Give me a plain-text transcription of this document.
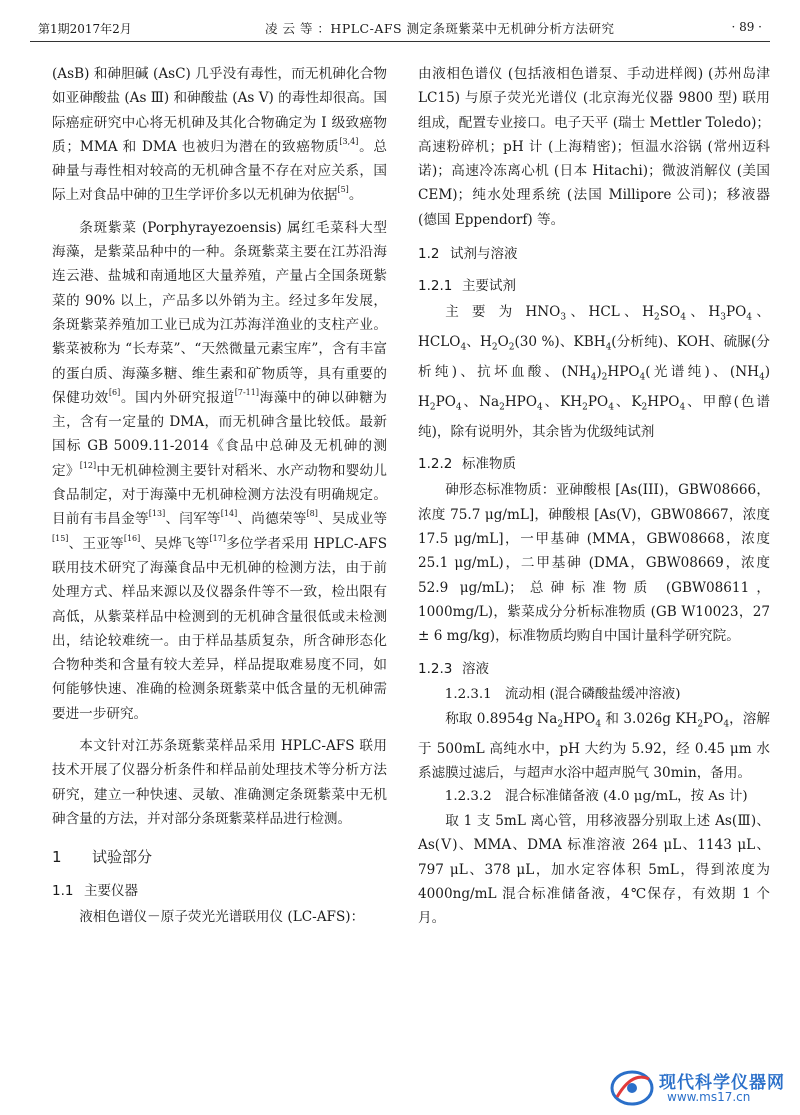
第1期2017年2月	凌 云 等 ：HPLC-AFS 测定条斑紫菜中无机砷分析方法研究	· 89 ·

(AsB) 和砷胆碱 (AsC) 几乎没有毒性，而无机砷化合物如亚砷酸盐 (As Ⅲ) 和砷酸盐 (As Ⅴ) 的毒性却很高。国际癌症研究中心将无机砷及其化合物确定为 Ⅰ 级致癌物质；MMA 和 DMA 也被归为潜在的致癌物质[3,4]。总砷量与毒性相对较高的无机砷含量不存在对应关系，国际上对食品中砷的卫生学评价多以无机砷为依据[5]。

条斑紫菜 (Porphyrayezoensis) 属红毛菜科大型海藻，是紫菜品种中的一种。条斑紫菜主要在江苏沿海连云港、盐城和南通地区大量养殖，产量占全国条斑紫菜的 90% 以上，产品多以外销为主。经过多年发展，条斑紫菜养殖加工业已成为江苏海洋渔业的支柱产业。紫菜被称为 “长寿菜”、“天然微量元素宝库”，含有丰富的蛋白质、海藻多糖、维生素和矿物质等，具有重要的保健功效[6]。国内外研究报道[7-11]海藻中的砷以砷糖为主，含有一定量的 DMA，而无机砷含量比较低。最新国标 GB 5009.11-2014《食品中总砷及无机砷的测定》[12]中无机砷检测主要针对稻米、水产动物和婴幼儿食品制定，对于海藻中无机砷检测方法没有明确规定。目前有韦昌金等[13]、闫军等[14]、尚德荣等[8]、吴成业等[15]、王亚等[16]、吴烨飞等[17]多位学者采用 HPLC-AFS 联用技术研究了海藻食品中无机砷的检测方法，由于前处理方式、样品来源以及仪器条件等不一致，检出限有高低，从紫菜样品中检测到的无机砷含量很低或未检测出，结论较难统一。由于样品基质复杂，所含砷形态化合物种类和含量有较大差异，样品提取难易度不同，如何能够快速、准确的检测条斑紫菜中低含量的无机砷需要进一步研究。

本文针对江苏条斑紫菜样品采用 HPLC-AFS 联用技术开展了仪器分析条件和样品前处理技术等分析方法研究，建立一种快速、灵敏、准确测定条斑紫菜中无机砷含量的方法，并对部分条斑紫菜样品进行检测。

1 试验部分
1.1 主要仪器

液相色谱仪－原子荧光光谱联用仪 (LC-AFS)：

由液相色谱仪 (包括液相色谱泵、手动进样阀) (苏州岛津 LC15) 与原子荧光光谱仪 (北京海光仪器 9800 型) 联用组成，配置专业接口。电子天平 (瑞士 Mettler Toledo)；高速粉碎机；pH 计 (上海精密)；恒温水浴锅 (常州迈科诺)；高速冷冻离心机 (日本 Hitachi)；微波消解仪 (美国 CEM)；纯水处理系统 (法国 Millipore 公司)；移液器 (德国 Eppendorf) 等。

1.2 试剂与溶液
1.2.1 主要试剂

主 要 为 $HNO_3$、HCL、$H_2SO_4$、$H_3PO_4$、$HCLO_4$、$H_2O_2(30$ %)、$KBH_4$(分析纯)、KOH、硫脲(分析纯)、抗坏血酸、$(NH_4)_2HPO_4$(光谱纯)、$(NH_4)$ $H_2PO_4$、$Na_2HPO_4$、$KH_2PO_4$、$K_2HPO_4$、甲醇(色谱纯)，除有说明外，其余皆为优级纯试剂

1.2.2 标准物质

砷形态标准物质：亚砷酸根 [As(III)，GBW08666，浓度 75.7 μg/mL]，砷酸根 [As(V)，GBW08667，浓度 17.5 μg/mL]，一甲基砷 (MMA，GBW08668，浓度 25.1 μg/mL)，二甲基砷 (DMA，GBW08669，浓度 52.9 μg/mL)；总砷标准物质 (GBW08611，1000mg/L)，紫菜成分分析标准物质 (GB W10023，27 ± 6 mg/kg)，标准物质均购自中国计量科学研究院。

1.2.3 溶液

1.2.3.1　流动相 (混合磷酸盐缓冲溶液)

称取 0.8954g $Na_2HPO_4$ 和 3.026g $KH_2PO_4$，溶解于 500mL 高纯水中，pH 大约为 5.92，经 0.45 μm 水系滤膜过滤后，与超声水浴中超声脱气 30min，备用。

1.2.3.2　混合标准储备液 (4.0 μg/mL，按 As 计)

取 1 支 5mL 离心管，用移液器分别取上述 As(Ⅲ)、As(Ⅴ)、MMA、DMA 标准溶液 264 μL、1143 μL、797 μL、378 μL，加水定容体积 5mL，得到浓度为 4000ng/mL 混合标准储备液，4℃保存，有效期 1 个月。

现代科学仪器网
www.ms17.cn
